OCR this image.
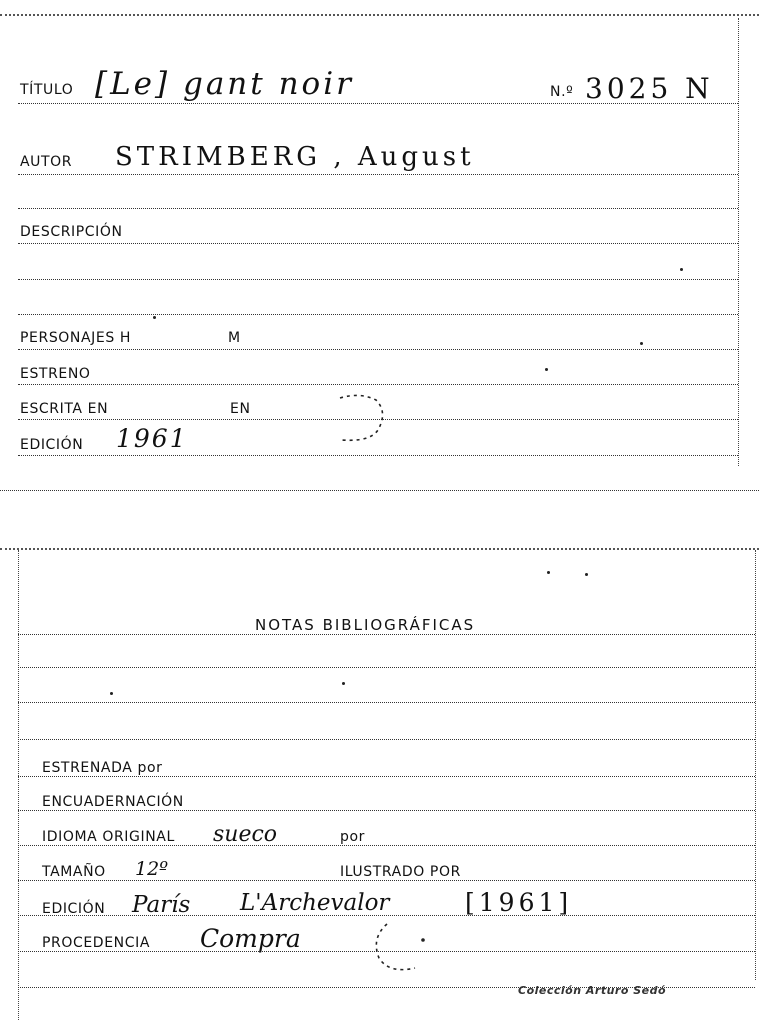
TÍTULO [Le] gant noir	N.º 3025 N
AUTOR STRIMBERG , August
DESCRIPCIÓN
PERSONAJES H	M
ESTRENO
ESCRITA EN	EN
EDICIÓN 1961
NOTAS BIBLIOGRÁFICAS
ESTRENADA por
ENCUADERNACIÓN
IDIOMA ORIGINAL sueco	por
TAMAÑO 12º	ILUSTRADO POR
EDICIÓN París L'Archevalor	[1961]
PROCEDENCIA Compra
Colección Arturo Sedó
